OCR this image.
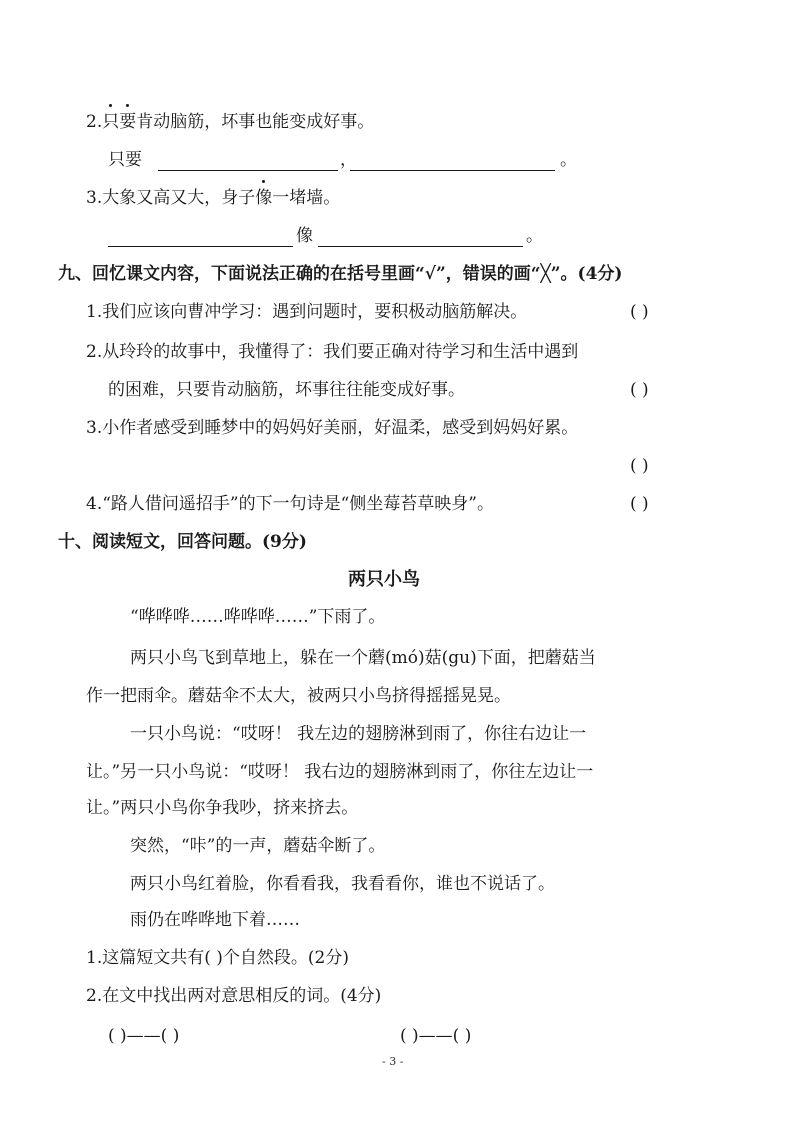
2.只要肯动脑筋，坏事也能变成好事。
只要	，	。
3.大象又高又大，身子像一堵墙。
像	。
九、回忆课文内容，下面说法正确的在括号里画“√”，错误的画“╳”。(4分)
1.我们应该向曹冲学习：遇到问题时，要积极动脑筋解决。	( )
2.从玲玲的故事中，我懂得了：我们要正确对待学习和生活中遇到
的困难，只要肯动脑筋，坏事往往能变成好事。	( )
3.小作者感受到睡梦中的妈妈好美丽，好温柔，感受到妈妈好累。
( )
4.“路人借问遥招手”的下一句诗是“侧坐莓苔草映身”。	( )
十、阅读短文，回答问题。(9分)
两只小鸟
“哗哗哗……哗哗哗……”下雨了。
两只小鸟飞到草地上，躲在一个蘑(mó)菇(gu)下面，把蘑菇当
作一把雨伞。蘑菇伞不太大，被两只小鸟挤得摇摇晃晃。
一只小鸟说：“哎呀！ 我左边的翅膀淋到雨了，你往右边让一
让。”另一只小鸟说：“哎呀！ 我右边的翅膀淋到雨了，你往左边让一
让。”两只小鸟你争我吵，挤来挤去。
突然，“咔”的一声，蘑菇伞断了。
两只小鸟红着脸，你看看我，我看看你，谁也不说话了。
雨仍在哗哗地下着……
1.这篇短文共有( )个自然段。(2分)
2.在文中找出两对意思相反的词。(4分)
( )——( )	( )——( )
- 3 -
